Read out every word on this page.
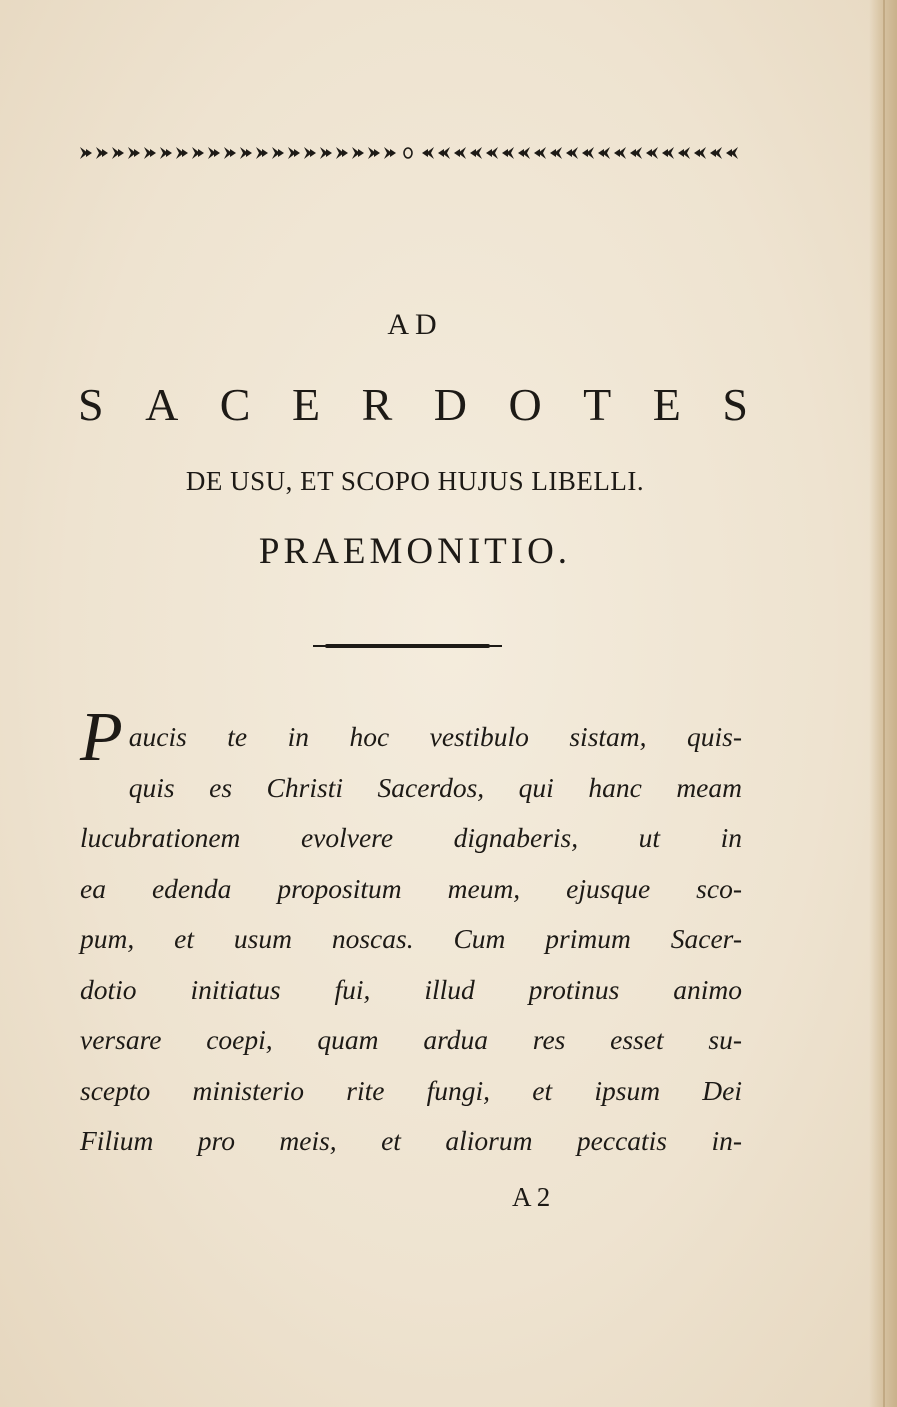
AD
S A C E R D O T E S
DE USU, ET SCOPO HUJUS LIBELLI.
PRAEMONITIO.
P aucis te in hoc vestibulo sistam, quis-
quis es Christi Sacerdos, qui hanc meam
lucubrationem evolvere dignaberis, ut in
ea edenda propositum meum, ejusque sco-
pum, et usum noscas. Cum primum Sacer-
dotio initiatus fui, illud protinus animo
versare coepi, quam ardua res esset su-
scepto ministerio rite fungi, et ipsum Dei
Filium pro meis, et aliorum peccatis in-
A 2
